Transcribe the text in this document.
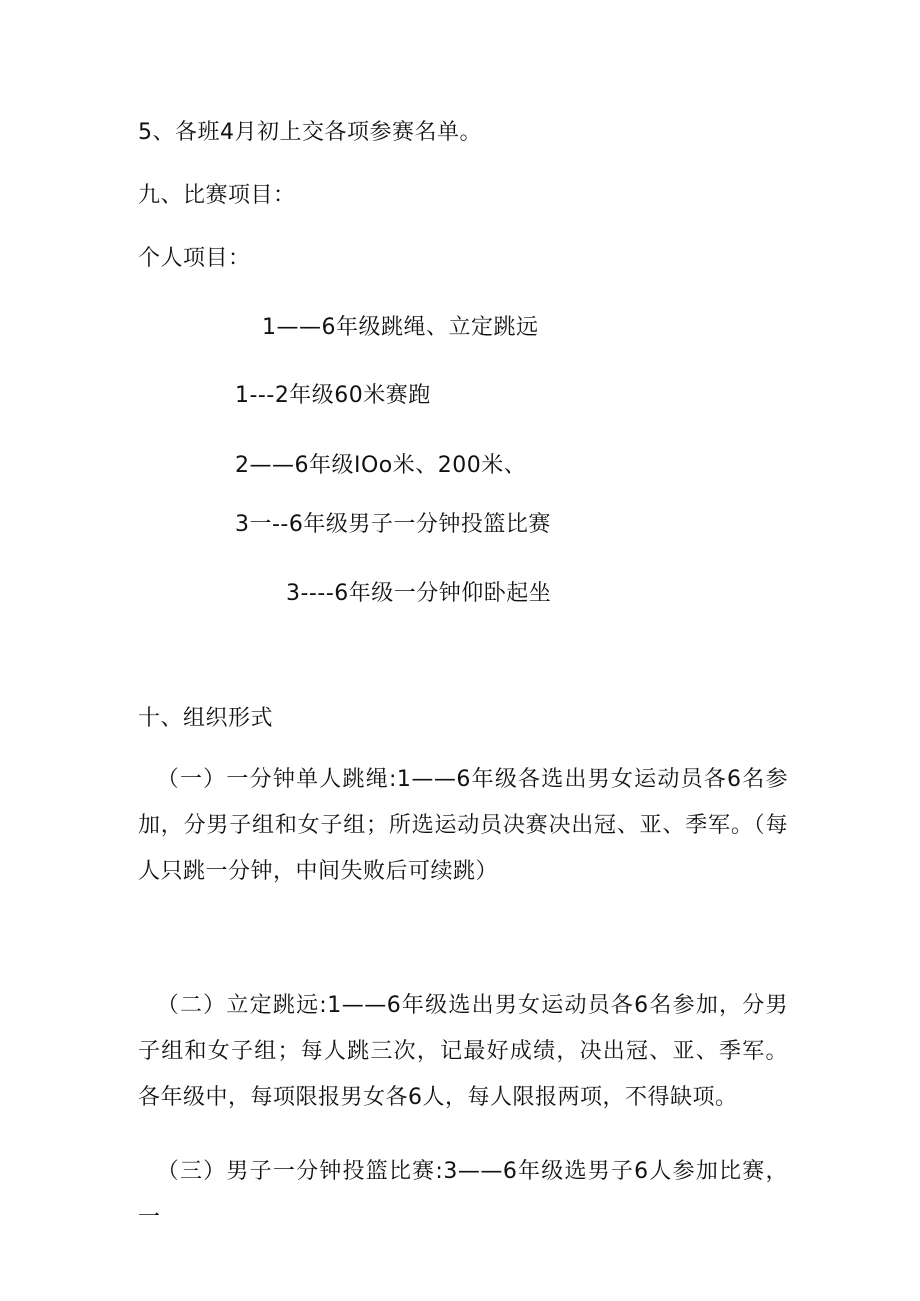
5、各班4月初上交各项参赛名单。
九、比赛项目：
个人项目：
1——6年级跳绳、立定跳远
1---2年级60米赛跑
2——6年级IOo米、200米、
3一--6年级男子一分钟投篮比赛
3----6年级一分钟仰卧起坐
十、组织形式
（一）一分钟单人跳绳:1——6年级各选出男女运动员各6名参加，分男子组和女子组；所选运动员决赛决出冠、亚、季军。（每人只跳一分钟，中间失败后可续跳）
（二）立定跳远:1——6年级选出男女运动员各6名参加，分男子组和女子组；每人跳三次，记最好成绩，决出冠、亚、季军。各年级中，每项限报男女各6人，每人限报两项，不得缺项。
（三）男子一分钟投篮比赛:3——6年级选男子6人参加比赛，一
